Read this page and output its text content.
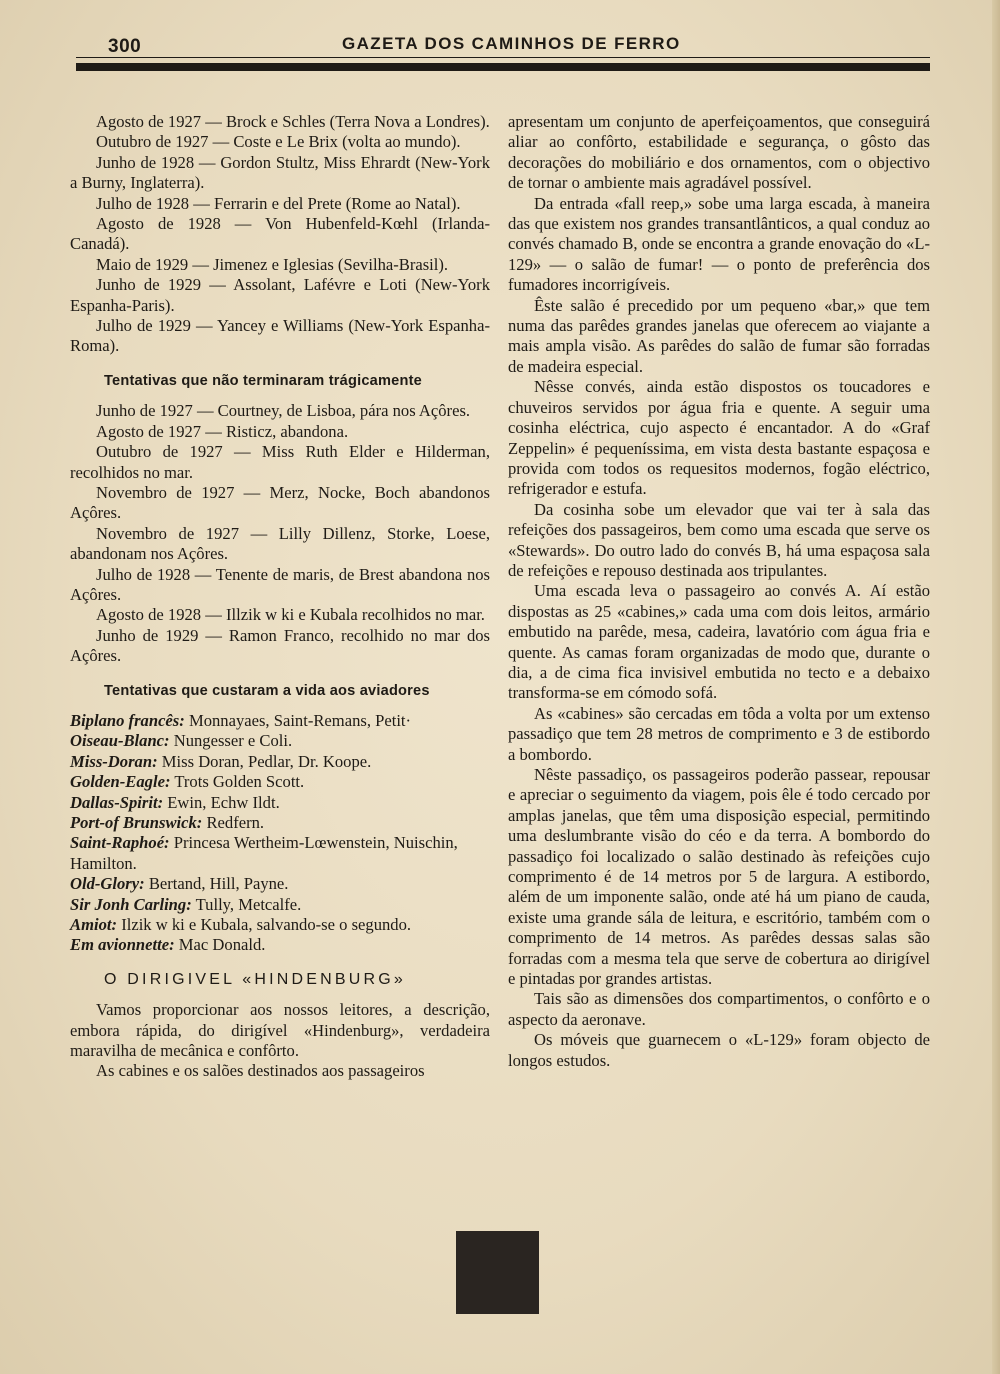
300	GAZETA DOS CAMINHOS DE FERRO

Agosto de 1927 — Brock e Schles (Terra Nova a Londres).

Outubro de 1927 — Coste e Le Brix (volta ao mundo).

Junho de 1928 — Gordon Stultz, Miss Ehrardt (New-York a Burny, Inglaterra).

Julho de 1928 — Ferrarin e del Prete (Rome ao Natal).

Agosto de 1928 — Von Hubenfeld-Kœhl (Irlanda-Canadá).

Maio de 1929 — Jimenez e Iglesias (Sevilha-Brasil).

Junho de 1929 — Assolant, Lafévre e Loti (New-York Espanha-Paris).

Julho de 1929 — Yancey e Williams (New-York Espanha-Roma).

Tentativas que não terminaram trágicamente

Junho de 1927 — Courtney, de Lisboa, pára nos Açôres.

Agosto de 1927 — Risticz, abandona.

Outubro de 1927 — Miss Ruth Elder e Hilderman, recolhidos no mar.

Novembro de 1927 — Merz, Nocke, Boch abandonos Açôres.

Novembro de 1927 — Lilly Dillenz, Storke, Loese, abandonam nos Açôres.

Julho de 1928 — Tenente de maris, de Brest abandona nos Açôres.

Agosto de 1928 — Illzik w ki e Kubala recolhidos no mar.

Junho de 1929 — Ramon Franco, recolhido no mar dos Açôres.

Tentativas que custaram a vida aos aviadores

Biplano francês: Monnayaes, Saint-Remans, Petit·

Oiseau-Blanc: Nungesser e Coli.

Miss-Doran: Miss Doran, Pedlar, Dr. Koope.

Golden-Eagle: Trots Golden Scott.

Dallas-Spirit: Ewin, Echw Ildt.

Port-of Brunswick: Redfern.

Saint-Raphoé: Princesa Wertheim-Lœwenstein, Nuischin, Hamilton.

Old-Glory: Bertand, Hill, Payne.

Sir Jonh Carling: Tully, Metcalfe.

Amiot: Ilzik w ki e Kubala, salvando-se o segundo.

Em avionnette: Mac Donald.

O DIRIGIVEL «HINDENBURG»

Vamos proporcionar aos nossos leitores, a descrição, embora rápida, do dirigível «Hindenburg», verdadeira maravilha de mecânica e confôrto.

As cabines e os salões destinados aos passageiros

apresentam um conjunto de aperfeiçoamentos, que conseguirá aliar ao confôrto, estabilidade e segurança, o gôsto das decorações do mobiliário e dos ornamentos, com o objectivo de tornar o ambiente mais agradável possível.

Da entrada «fall reep,» sobe uma larga escada, à maneira das que existem nos grandes transantlânticos, a qual conduz ao convés chamado B, onde se encontra a grande enovação do «L-129» — o salão de fumar! — o ponto de preferência dos fumadores incorrigíveis.

Êste salão é precedido por um pequeno «bar,» que tem numa das parêdes grandes janelas que oferecem ao viajante a mais ampla visão. As parêdes do salão de fumar são forradas de madeira especial.

Nêsse convés, ainda estão dispostos os toucadores e chuveiros servidos por água fria e quente. A seguir uma cosinha eléctrica, cujo aspecto é encantador. A do «Graf Zeppelin» é pequeníssima, em vista desta bastante espaçosa e provida com todos os requesitos modernos, fogão eléctrico, refrigerador e estufa.

Da cosinha sobe um elevador que vai ter à sala das refeições dos passageiros, bem como uma escada que serve os «Stewards». Do outro lado do convés B, há uma espaçosa sala de refeições e repouso destinada aos tripulantes.

Uma escada leva o passageiro ao convés A. Aí estão dispostas as 25 «cabines,» cada uma com dois leitos, armário embutido na parêde, mesa, cadeira, lavatório com água fria e quente. As camas foram organizadas de modo que, durante o dia, a de cima fica invisivel embutida no tecto e a debaixo transforma-se em cómodo sofá.

As «cabines» são cercadas em tôda a volta por um extenso passadiço que tem 28 metros de comprimento e 3 de estibordo a bombordo.

Nêste passadiço, os passageiros poderão passear, repousar e apreciar o seguimento da viagem, pois êle é todo cercado por amplas janelas, que têm uma disposição especial, permitindo uma deslumbrante visão do céo e da terra. A bombordo do passadiço foi localizado o salão destinado às refeições cujo comprimento é de 14 metros por 5 de largura. A estibordo, além de um imponente salão, onde até há um piano de cauda, existe uma grande sála de leitura, e escritório, também com o comprimento de 14 metros. As parêdes dessas salas são forradas com a mesma tela que serve de cobertura ao dirigível e pintadas por grandes artistas.

Tais são as dimensões dos compartimentos, o confôrto e o aspecto da aeronave.

Os móveis que guarnecem o «L-129» foram objecto de longos estudos.
